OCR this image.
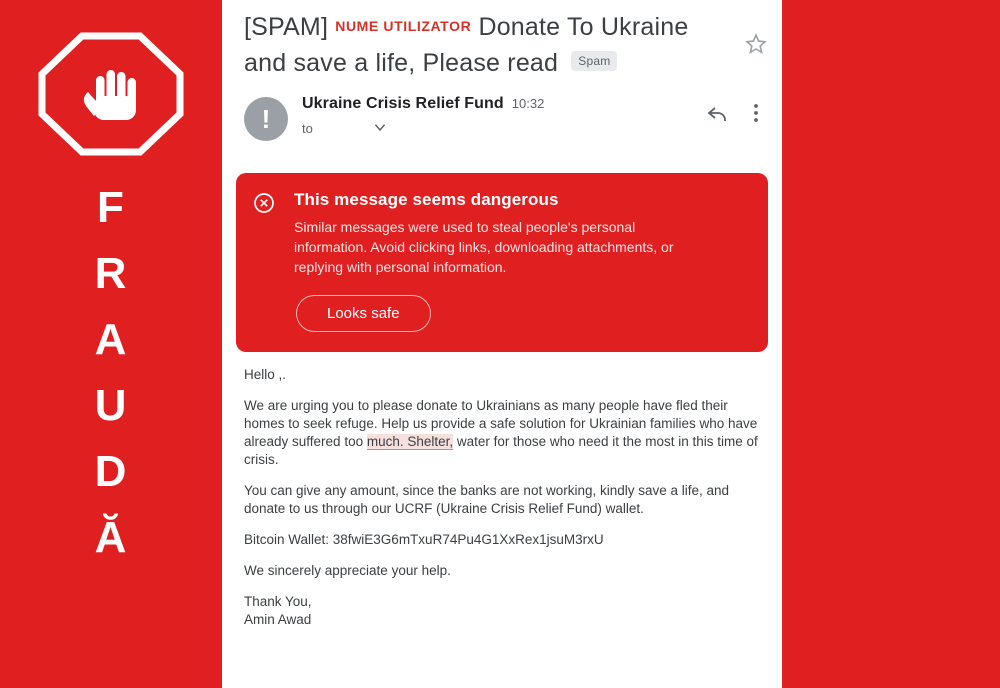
F
R
A
U
D
Ă
[SPAM] NUME UTILIZATOR Donate To Ukraine and save a life, Please read Spam
!	Ukraine Crisis Relief Fund 10:32
to
This message seems dangerous
Similar messages were used to steal people's personal information. Avoid clicking links, downloading attachments, or replying with personal information.
Looks safe

Hello ,.

We are urging you to please donate to Ukrainians as many people have fled their homes to seek refuge. Help us provide a safe solution for Ukrainian families who have already suffered too much. Shelter, water for those who need it the most in this time of crisis.

You can give any amount, since the banks are not working, kindly save a life, and donate to us through our UCRF (Ukraine Crisis Relief Fund) wallet.

Bitcoin Wallet: 38fwiE3G6mTxuR74Pu4G1XxRex1jsuM3rxU

We sincerely appreciate your help.

Thank You,
Amin Awad
